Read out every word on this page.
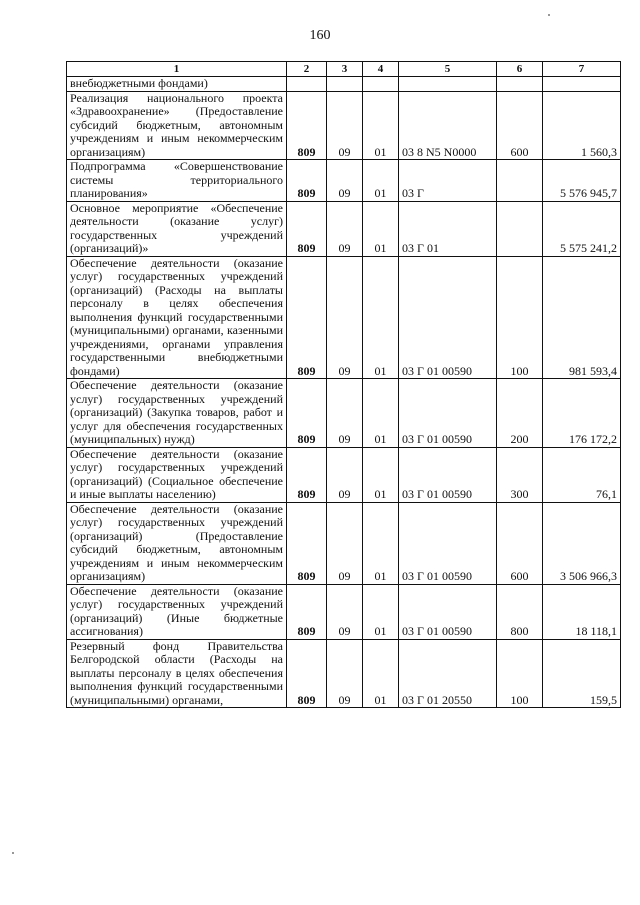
160
1	2	3	4	5	6	7
внебюджетными фондами)						
Реализация национального проекта «Здравоохранение» (Предоставление субсидий бюджетным, автономным учреждениям и иным некоммерческим организациям)	809	09	01	03 8 N5 N0000	600	1 560,3
Подпрограмма «Совершенствование системы территориального планирования»	809	09	01	03 Г		5 576 945,7
Основное мероприятие «Обеспечение деятельности (оказание услуг) государственных учреждений (организаций)»	809	09	01	03 Г 01		5 575 241,2
Обеспечение деятельности (оказание услуг) государственных учреждений (организаций) (Расходы на выплаты персоналу в целях обеспечения выполнения функций государственными (муниципальными) органами, казенными учреждениями, органами управления государственными внебюджетными фондами)	809	09	01	03 Г 01 00590	100	981 593,4
Обеспечение деятельности (оказание услуг) государственных учреждений (организаций) (Закупка товаров, работ и услуг для обеспечения государственных (муниципальных) нужд)	809	09	01	03 Г 01 00590	200	176 172,2
Обеспечение деятельности (оказание услуг) государственных учреждений (организаций) (Социальное обеспечение и иные выплаты населению)	809	09	01	03 Г 01 00590	300	76,1
Обеспечение деятельности (оказание услуг) государственных учреждений (организаций) (Предоставление субсидий бюджетным, автономным учреждениям и иным некоммерческим организациям)	809	09	01	03 Г 01 00590	600	3 506 966,3
Обеспечение деятельности (оказание услуг) государственных учреждений (организаций) (Иные бюджетные ассигнования)	809	09	01	03 Г 01 00590	800	18 118,1
Резервный фонд Правительства Белгородской области (Расходы на выплаты персоналу в целях обеспечения выполнения функций государственными (муниципальными) органами,	809	09	01	03 Г 01 20550	100	159,5
